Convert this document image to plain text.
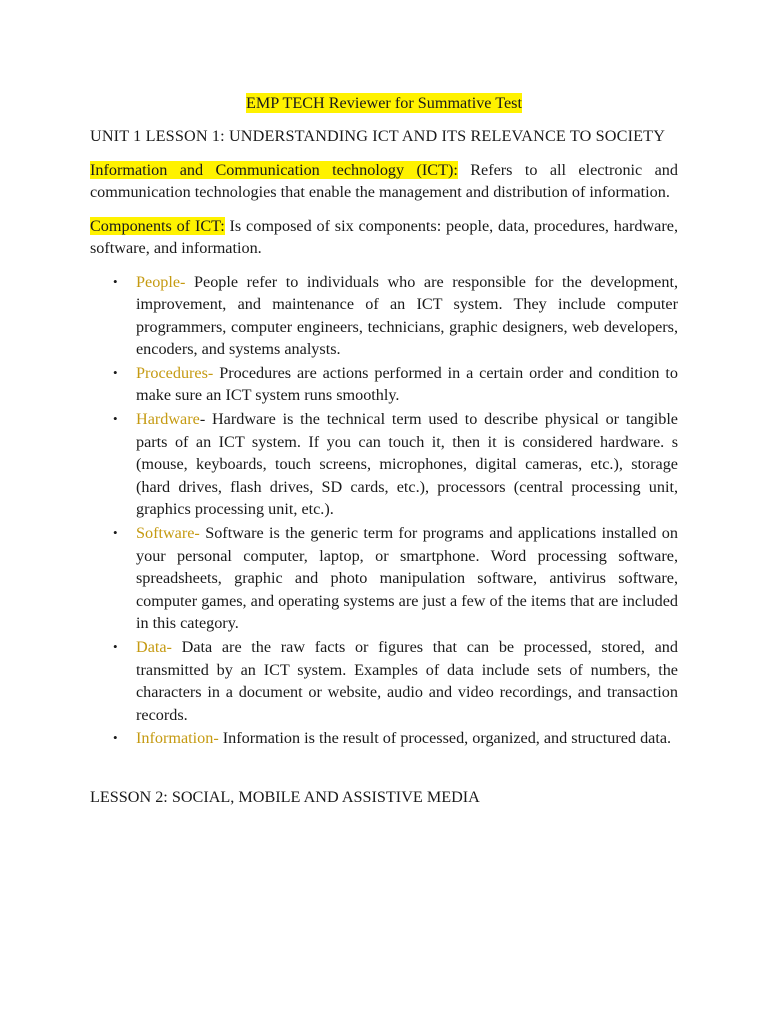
EMP TECH Reviewer for Summative Test
UNIT 1 LESSON 1: UNDERSTANDING ICT AND ITS RELEVANCE TO SOCIETY
Information and Communication technology (ICT): Refers to all electronic and communication technologies that enable the management and distribution of information.
Components of ICT: Is composed of six components: people, data, procedures, hardware, software, and information.
• People- People refer to individuals who are responsible for the development, improvement, and maintenance of an ICT system. They include computer programmers, computer engineers, technicians, graphic designers, web developers, encoders, and systems analysts.
• Procedures- Procedures are actions performed in a certain order and condition to make sure an ICT system runs smoothly.
• Hardware- Hardware is the technical term used to describe physical or tangible parts of an ICT system. If you can touch it, then it is considered hardware. s (mouse, keyboards, touch screens, microphones, digital cameras, etc.), storage (hard drives, flash drives, SD cards, etc.), processors (central processing unit, graphics processing unit, etc.).
• Software- Software is the generic term for programs and applications installed on your personal computer, laptop, or smartphone. Word processing software, spreadsheets, graphic and photo manipulation software, antivirus software, computer games, and operating systems are just a few of the items that are included in this category.
• Data- Data are the raw facts or figures that can be processed, stored, and transmitted by an ICT system. Examples of data include sets of numbers, the characters in a document or website, audio and video recordings, and transaction records.
• Information- Information is the result of processed, organized, and structured data.
LESSON 2: SOCIAL, MOBILE AND ASSISTIVE MEDIA
